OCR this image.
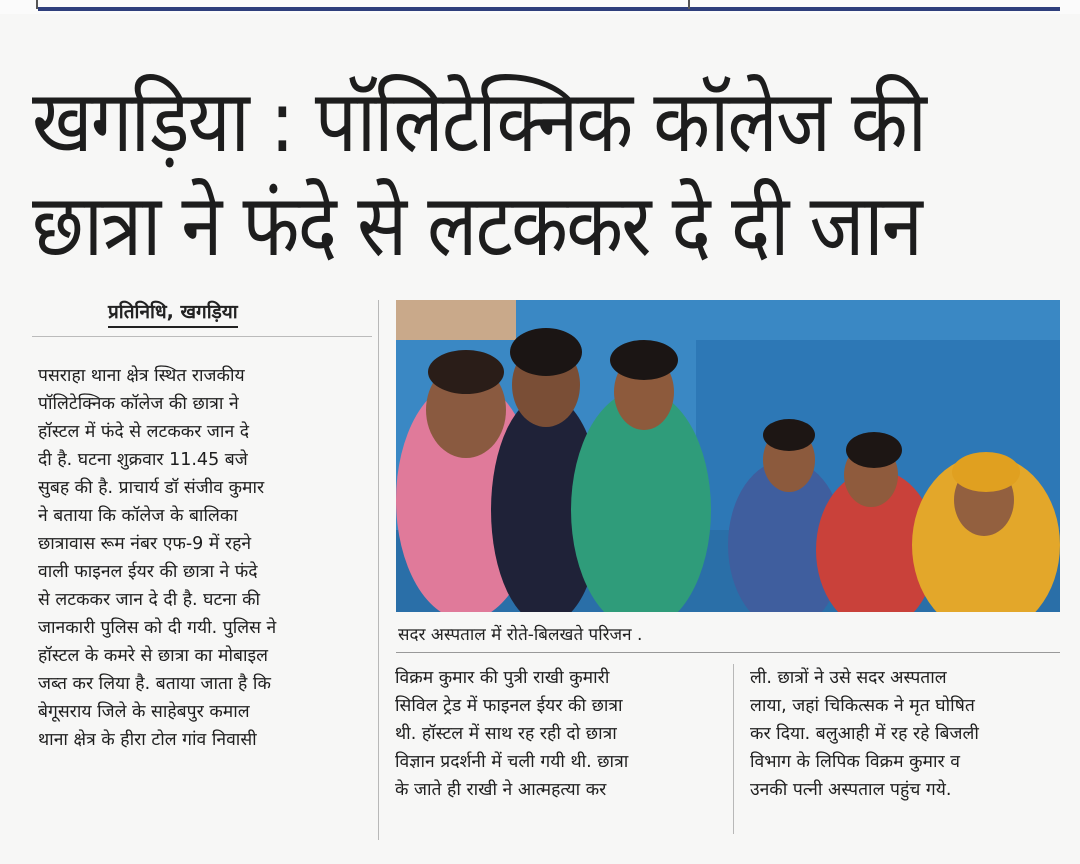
खगड़िया : पॉलिटेक्निक कॉलेज की
छात्रा ने फंदे से लटककर दे दी जान
प्रतिनिधि, खगड़िया
पसराहा थाना क्षेत्र स्थित राजकीय
पॉलिटेक्निक कॉलेज की छात्रा ने
हॉस्टल में फंदे से लटककर जान दे
दी है. घटना शुक्रवार 11.45 बजे
सुबह की है. प्राचार्य डॉ संजीव कुमार
ने बताया कि कॉलेज के बालिका
छात्रावास रूम नंबर एफ-9 में रहने
वाली फाइनल ईयर की छात्रा ने फंदे
से लटककर जान दे दी है. घटना की
जानकारी पुलिस को दी गयी. पुलिस ने
हॉस्टल के कमरे से छात्रा का मोबाइल
जब्त कर लिया है. बताया जाता है कि
बेगूसराय जिले के साहेबपुर कमाल
थाना क्षेत्र के हीरा टोल गांव निवासी
सदर अस्पताल में रोते-बिलखते परिजन .
विक्रम कुमार की पुत्री राखी कुमारी
सिविल ट्रेड में फाइनल ईयर की छात्रा
थी. हॉस्टल में साथ रह रही दो छात्रा
विज्ञान प्रदर्शनी में चली गयी थी. छात्रा
के जाते ही राखी ने आत्महत्या कर
ली. छात्रों ने उसे सदर अस्पताल
लाया, जहां चिकित्सक ने मृत घोषित
कर दिया. बलुआही में रह रहे बिजली
विभाग के लिपिक विक्रम कुमार व
उनकी पत्नी अस्पताल पहुंच गये.
